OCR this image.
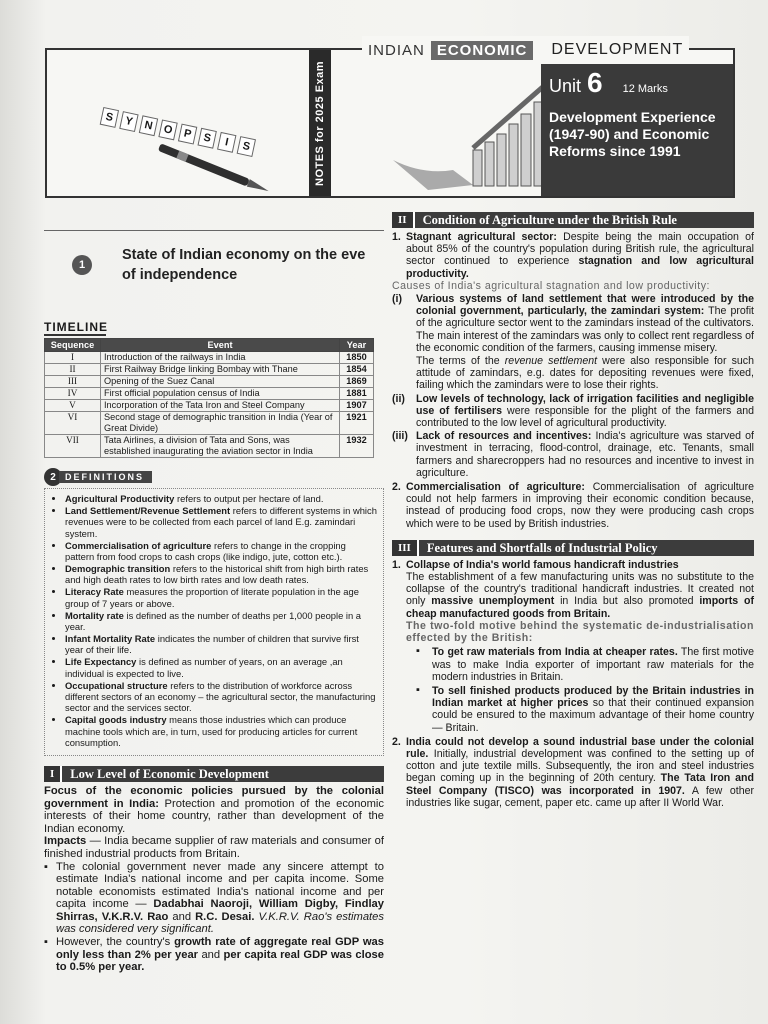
S Y N O P S	I	S	NOTES for 2025 Exam
INDIAN ECONOMIC	DEVELOPMENT
Unit 6 12 Marks
Development Experience (1947-90) and Economic Reforms since 1991
1
State of Indian economy on the eve of independence
TIMELINE
Sequence	Event	Year
I	Introduction of the railways in India	1850
II	First Railway Bridge linking Bombay with Thane	1854
III	Opening of the Suez Canal	1869
IV	First official population census of India	1881
V	Incorporation of the Tata Iron and Steel Company	1907
VI	Second stage of demographic transition in India (Year of Great Divide)	1921
VII	Tata Airlines, a division of Tata and Sons, was established inaugurating the aviation sector in India	1932
2	DEFINITIONS
• Agricultural Productivity refers to output per hectare of land.
• Land Settlement/Revenue Settlement refers to different systems in which revenues were to be collected from each parcel of land E.g. zamindari system.
• Commercialisation of agriculture refers to change in the cropping pattern from food crops to cash crops (like indigo, jute, cotton etc.).
• Demographic transition refers to the historical shift from high birth rates and high death rates to low birth rates and low death rates.
• Literacy Rate measures the proportion of literate population in the age group of 7 years or above.
• Mortality rate is defined as the number of deaths per 1,000 people in a year.
• Infant Mortality Rate indicates the number of children that survive first year of their life.
• Life Expectancy is defined as number of years, on an average ,an individual is expected to live.
• Occupational structure refers to the distribution of workforce across different sectors of an economy – the agricultural sector, the manufacturing sector and the services sector.
• Capital goods industry means those industries which can produce machine tools which are, in turn, used for producing articles for current consumption.
I	Low Level of Economic Development

Focus of the economic policies pursued by the colonial government in India: Protection and promotion of the economic interests of their home country, rather than development of the Indian economy.

Impacts — India became supplier of raw materials and consumer of finished industrial products from Britain.

▪ The colonial government never made any sincere attempt to estimate India's national income and per capita income. Some notable economists estimated India's national income and per capita income — Dadabhai Naoroji, William Digby, Findlay Shirras, V.K.R.V. Rao and R.C. Desai. V.K.R.V. Rao's estimates was considered very significant.

▪ However, the country's growth rate of aggregate real GDP was only less than 2% per year and per capita real GDP was close to 0.5% per year.

II	Condition of Agriculture under the British Rule
1. Stagnant agricultural sector: Despite being the main occupation of about 85% of the country's population during British rule, the agricultural sector continued to experience stagnation and low agricultural productivity.
Causes of India's agricultural stagnation and low productivity:
(i) Various systems of land settlement that were introduced by the colonial government, particularly, the zamindari system: The profit of the agriculture sector went to the zamindars instead of the cultivators. The main interest of the zamindars was only to collect rent regardless of the economic condition of the farmers, causing immense misery.
The terms of the revenue settlement were also responsible for such attitude of zamindars, e.g. dates for depositing revenues were fixed, failing which the zamindars were to lose their rights.
(ii) Low levels of technology, lack of irrigation facilities and negligible use of fertilisers were responsible for the plight of the farmers and contributed to the low level of agricultural productivity.
(iii) Lack of resources and incentives: India's agriculture was starved of investment in terracing, flood-control, drainage, etc. Tenants, small farmers and sharecroppers had no resources and incentive to invest in agriculture.
2. Commercialisation of agriculture: Commercialisation of agriculture could not help farmers in improving their economic condition because, instead of producing food crops, now they were producing cash crops which were to be used by British industries.
III	Features and Shortfalls of Industrial Policy
1. Collapse of India's world famous handicraft industries
The establishment of a few manufacturing units was no substitute to the collapse of the country's traditional handicraft industries. It created not only massive unemployment in India but also promoted imports of cheap manufactured goods from Britain.
The two-fold motive behind the systematic de-industrialisation effected by the British:
▪ To get raw materials from India at cheaper rates. The first motive was to make India exporter of important raw materials for the modern industries in Britain.
▪ To sell finished products produced by the Britain industries in Indian market at higher prices so that their continued expansion could be ensured to the maximum advantage of their home country — Britain.
2. India could not develop a sound industrial base under the colonial rule. Initially, industrial development was confined to the setting up of cotton and jute textile mills. Subsequently, the iron and steel industries began coming up in the beginning of 20th century. The Tata Iron and Steel Company (TISCO) was incorporated in 1907. A few other industries like sugar, cement, paper etc. came up after II World War.
